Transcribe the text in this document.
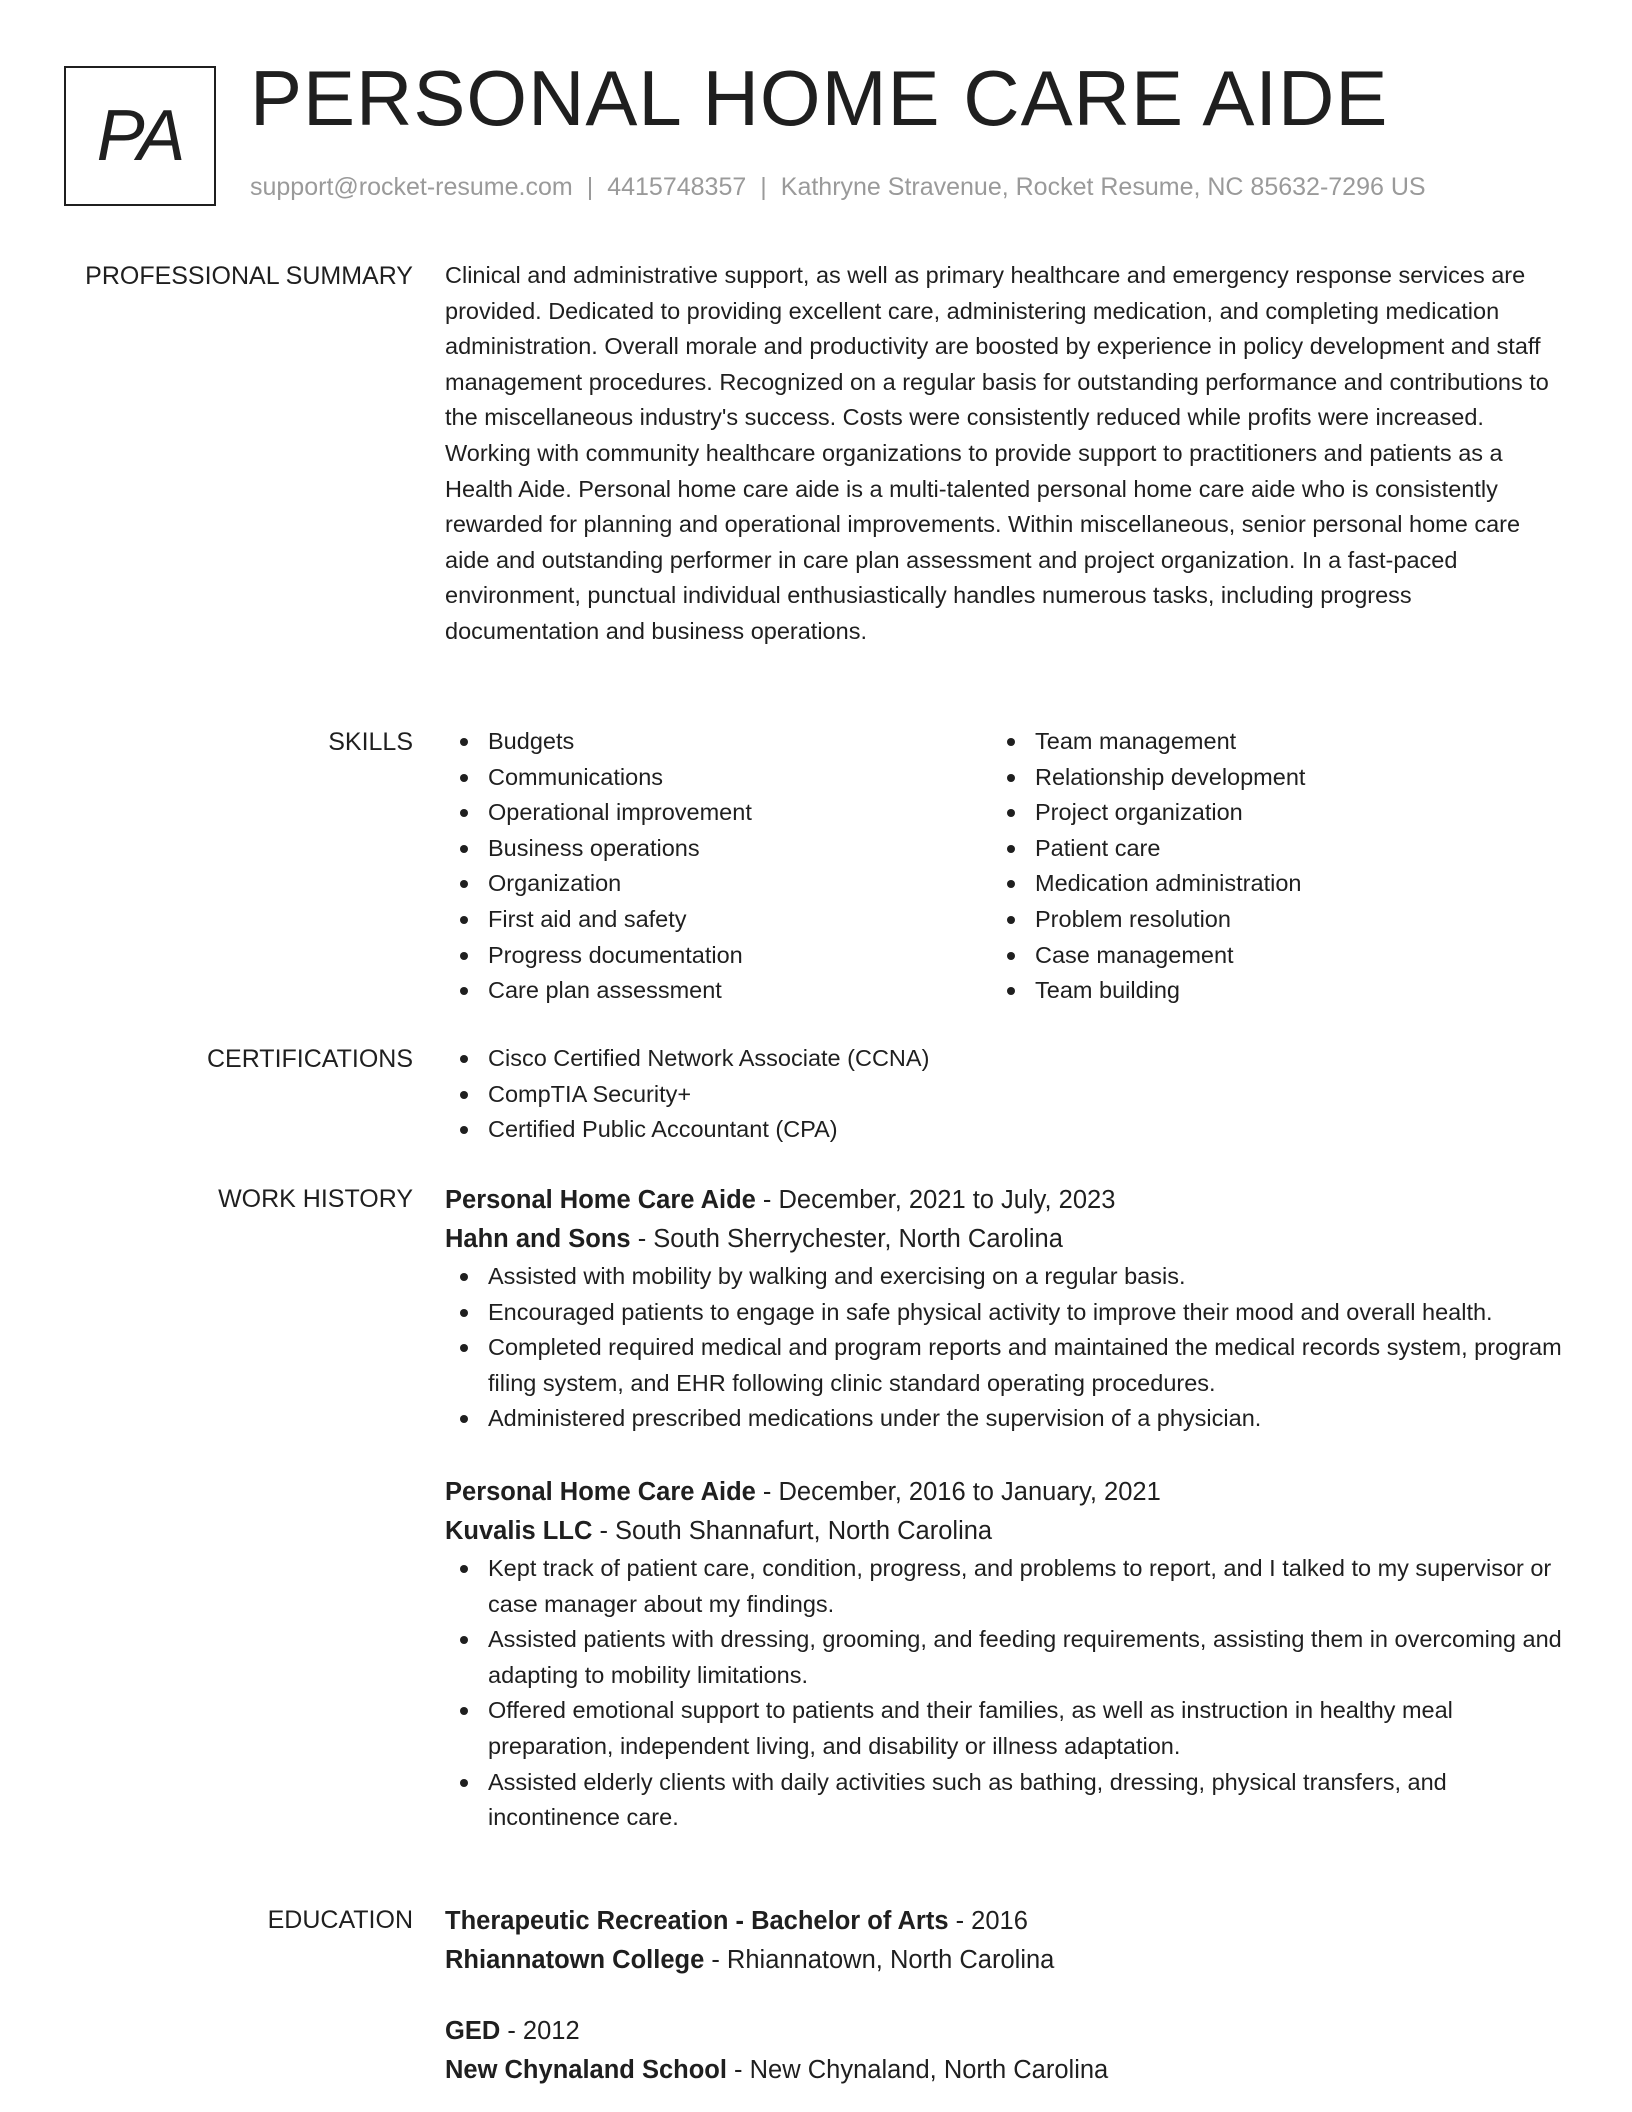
PA PERSONAL HOME CARE AIDE
support@rocket-resume.com | 4415748357 | Kathryne Stravenue, Rocket Resume, NC 85632-7296 US
PROFESSIONAL SUMMARY Clinical and administrative support, as well as primary healthcare and emergency response services are provided. Dedicated to providing excellent care, administering medication, and completing medication administration. Overall morale and productivity are boosted by experience in policy development and staff management procedures. Recognized on a regular basis for outstanding performance and contributions to the miscellaneous industry's success. Costs were consistently reduced while profits were increased. Working with community healthcare organizations to provide support to practitioners and patients as a Health Aide. Personal home care aide is a multi-talented personal home care aide who is consistently rewarded for planning and operational improvements. Within miscellaneous, senior personal home care aide and outstanding performer in care plan assessment and project organization. In a fast-paced environment, punctual individual enthusiastically handles numerous tasks, including progress documentation and business operations.
SKILLS	Budgets
Communications
Operational improvement
Business operations
Organization
First aid and safety
Progress documentation
Care plan assessment
Team management
Relationship development
Project organization
Patient care
Medication administration
Problem resolution
Case management
Team building
CERTIFICATIONS	Cisco Certified Network Associate (CCNA)
CompTIA Security+
Certified Public Accountant (CPA)
WORK HISTORY Personal Home Care Aide - December, 2021 to July, 2023
Hahn and Sons - South Sherrychester, North Carolina
Assisted with mobility by walking and exercising on a regular basis.
Encouraged patients to engage in safe physical activity to improve their mood and overall health.
Completed required medical and program reports and maintained the medical records system, program filing system, and EHR following clinic standard operating procedures.
Administered prescribed medications under the supervision of a physician.
Personal Home Care Aide - December, 2016 to January, 2021
Kuvalis LLC - South Shannafurt, North Carolina
Kept track of patient care, condition, progress, and problems to report, and I talked to my supervisor or case manager about my findings.
Assisted patients with dressing, grooming, and feeding requirements, assisting them in overcoming and adapting to mobility limitations.
Offered emotional support to patients and their families, as well as instruction in healthy meal preparation, independent living, and disability or illness adaptation.
Assisted elderly clients with daily activities such as bathing, dressing, physical transfers, and incontinence care.
EDUCATION Therapeutic Recreation - Bachelor of Arts - 2016
Rhiannatown College - Rhiannatown, North Carolina
GED - 2012
New Chynaland School - New Chynaland, North Carolina
